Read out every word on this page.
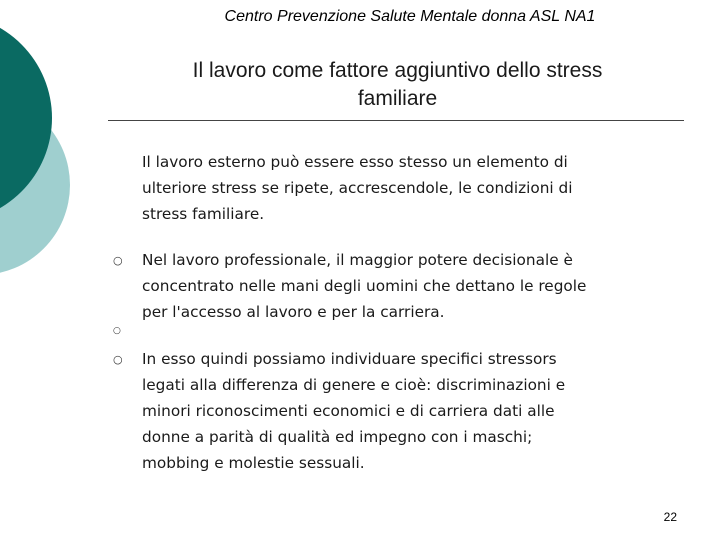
Centro Prevenzione Salute Mentale donna ASL NA1
Il lavoro come fattore aggiuntivo dello stress
familiare
Il lavoro esterno può essere esso stesso un elemento di
ulteriore stress se ripete, accrescendole, le condizioni di
stress familiare.
○ Nel lavoro professionale, il maggior potere decisionale è
concentrato nelle mani degli uomini che dettano le regole
per l'accesso al lavoro e per la carriera.
○
○ In esso quindi possiamo individuare specifici stressors
legati alla differenza di genere e cioè: discriminazioni e
minori riconoscimenti economici e di carriera dati alle
donne a parità di qualità ed impegno con i maschi;
mobbing e molestie sessuali.
22
